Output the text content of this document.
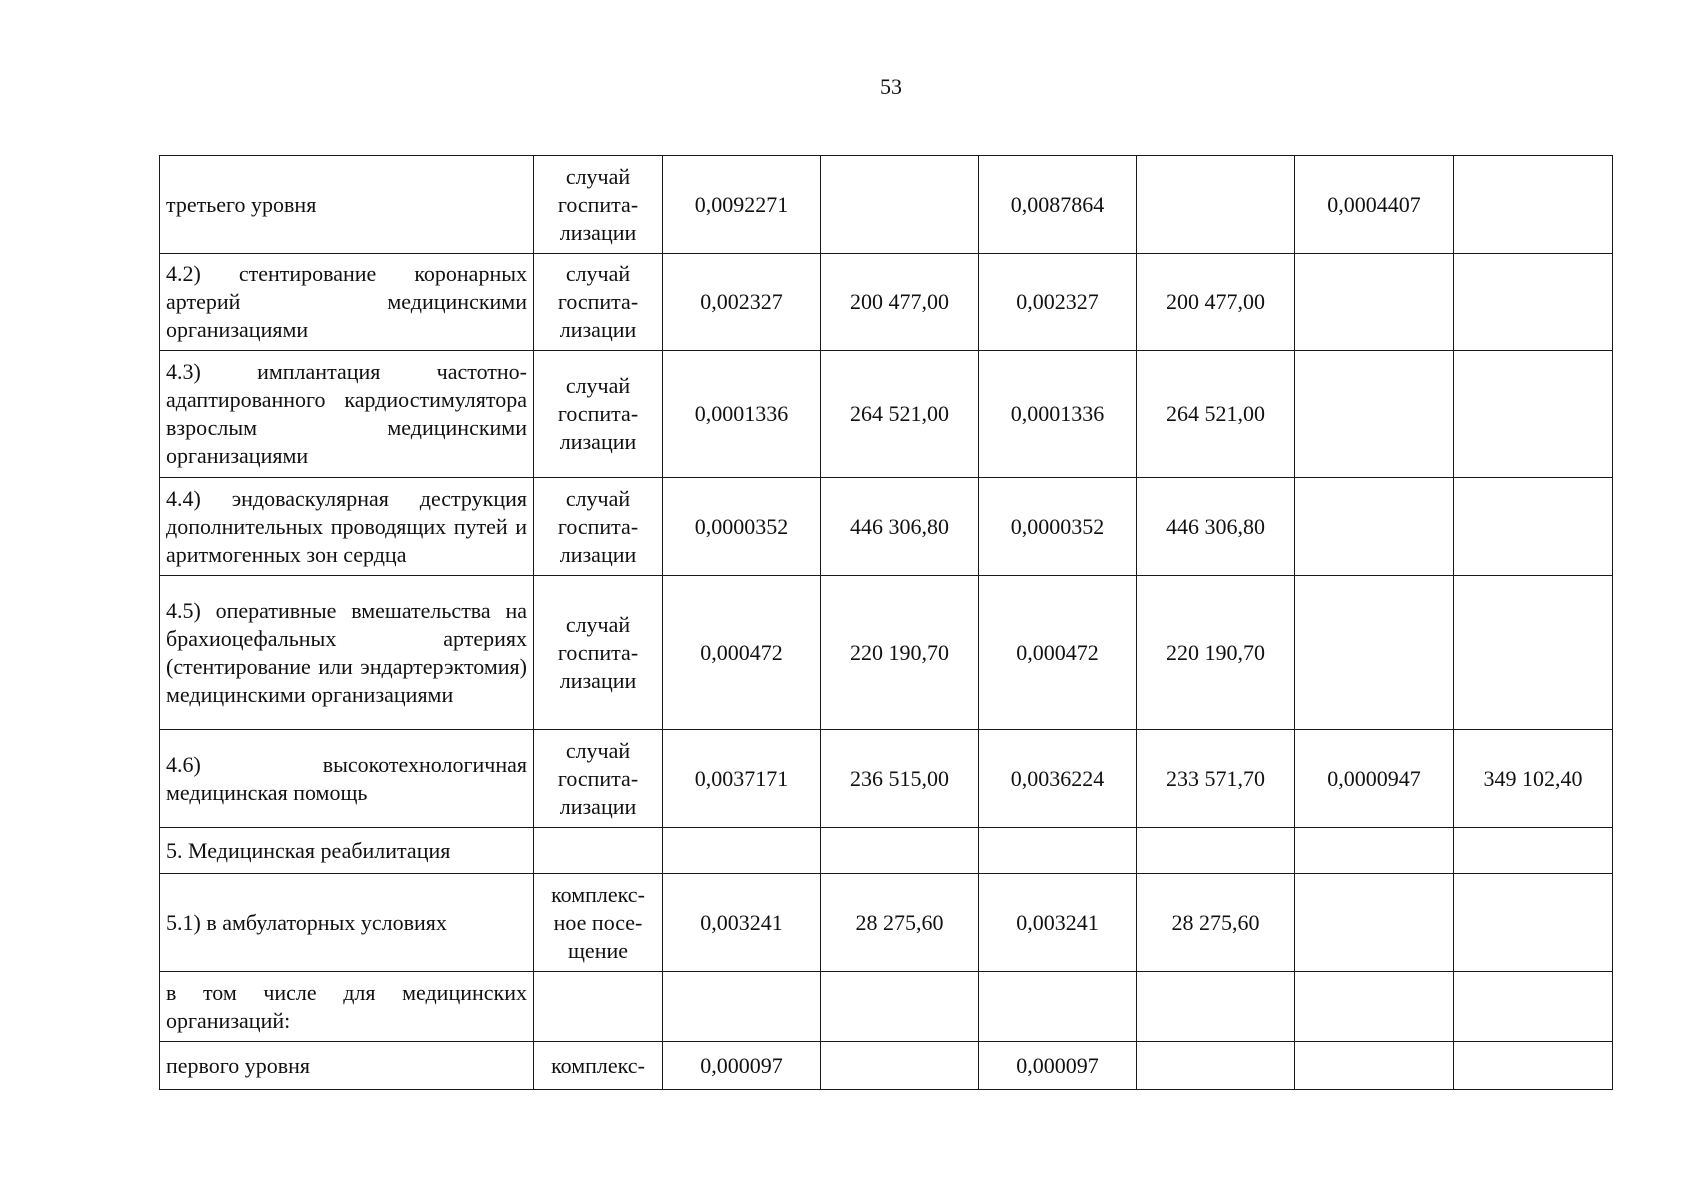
53
третьего уровня	случай госпита-лизации	0,0092271		0,0087864		0,0004407	
4.2) стентирование коронарных артерий медицинскими организациями	случай госпита-лизации	0,002327	200 477,00	0,002327	200 477,00		
4.3) имплантация частотно-адаптированного кардиостимулятора взрослым медицинскими организациями	случай госпита-лизации	0,0001336	264 521,00	0,0001336	264 521,00		
4.4) эндоваскулярная деструкция дополнительных проводящих путей и аритмогенных зон сердца	случай госпита-лизации	0,0000352	446 306,80	0,0000352	446 306,80		
4.5) оперативные вмешательства на брахиоцефальных артериях (стентирование или эндартерэктомия) медицинскими организациями	случай госпита-лизации	0,000472	220 190,70	0,000472	220 190,70		
4.6) высокотехнологичная медицинская помощь	случай госпита-лизации	0,0037171	236 515,00	0,0036224	233 571,70	0,0000947	349 102,40
5. Медицинская реабилитация							
5.1) в амбулаторных условиях	комплекс-ное посе-щение	0,003241	28 275,60	0,003241	28 275,60		
в том числе для медицинских организаций:							
первого уровня	комплекс-	0,000097		0,000097			
